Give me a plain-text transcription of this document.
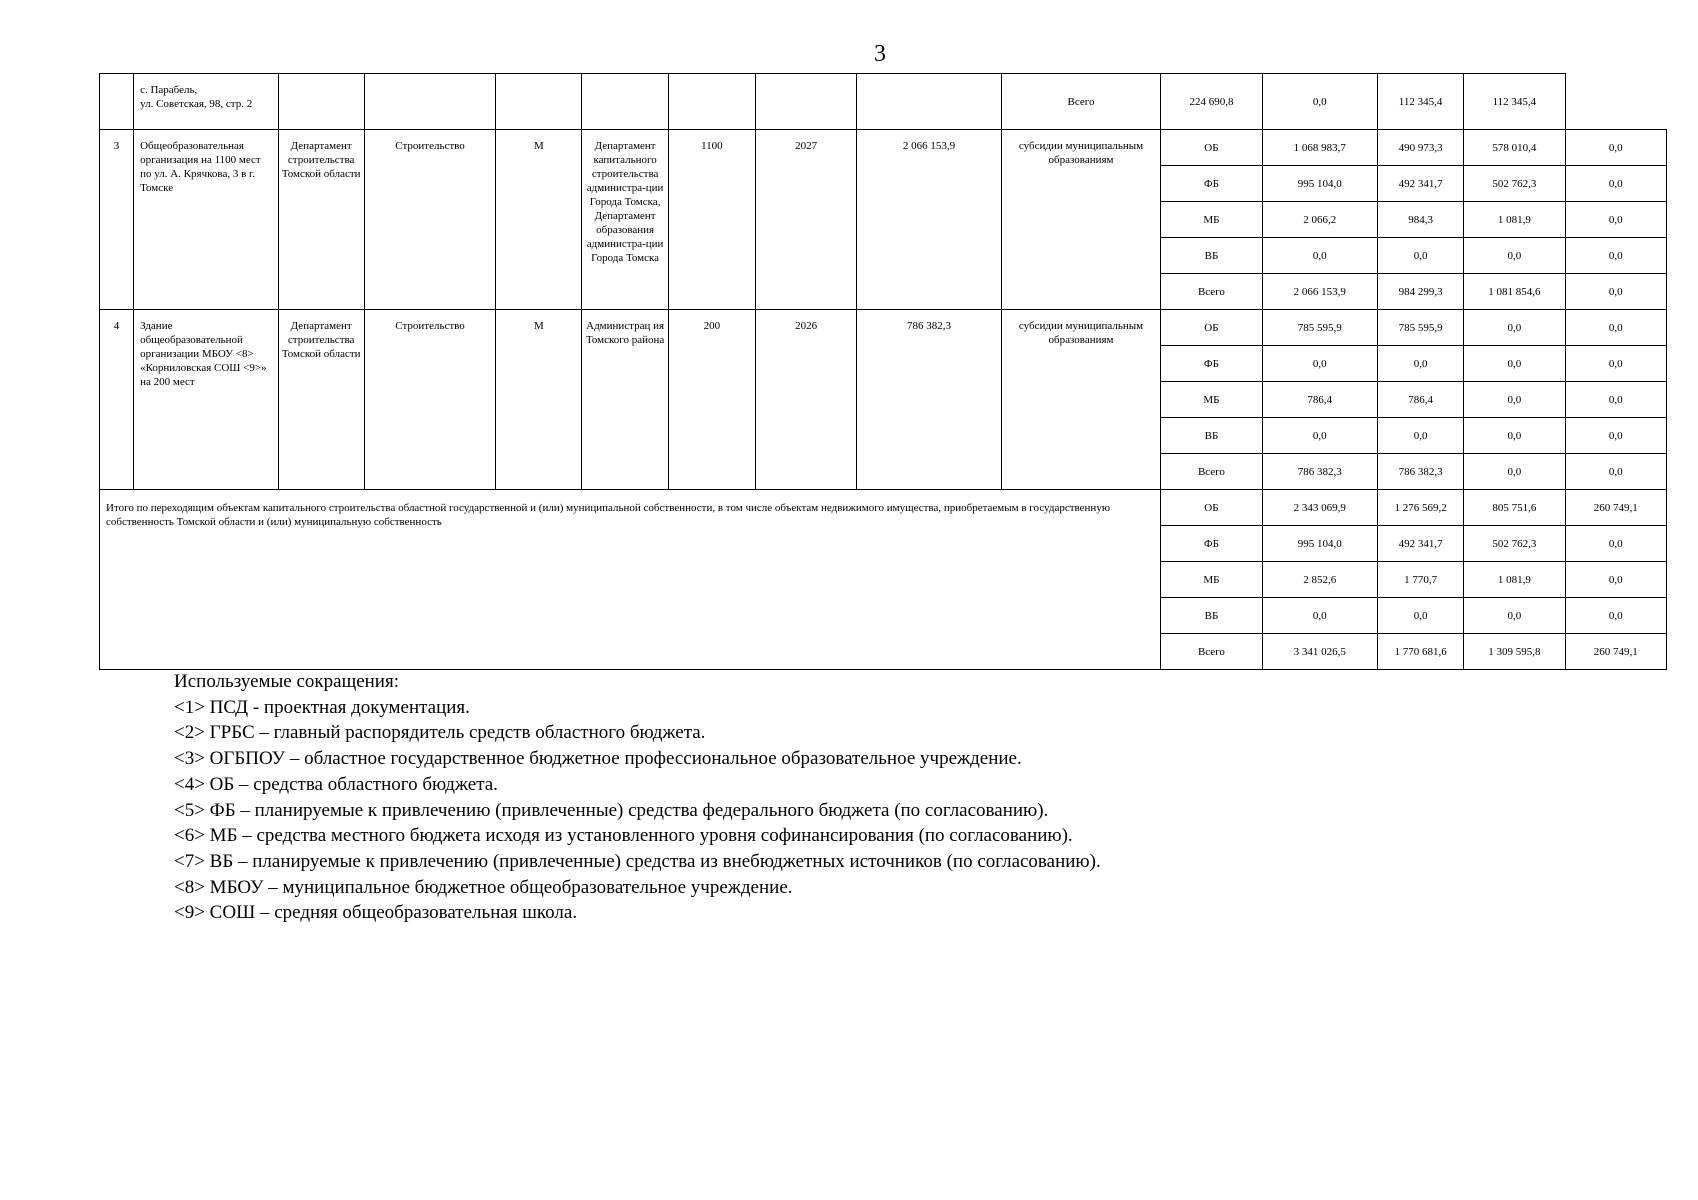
3
	с. Парабель,
ул. Советская, 98, стр. 2								Всего	224 690,8	0,0	112 345,4	112 345,4	
3	Общеобразовательная организация на 1100 мест по ул. А. Крячкова, 3 в г. Томске	Департамент строительства Томской области	Строительство	М	Департамент капитального строительства администра-ции Города Томска, Департамент образования администра-ции Города Томска	1100	2027	2 066 153,9	субсидии муниципальным образованиям	ОБ	1 068 983,7	490 973,3	578 010,4	0,0
										ФБ	995 104,0	492 341,7	502 762,3	0,0
										МБ	2 066,2	984,3	1 081,9	0,0
										ВБ	0,0	0,0	0,0	0,0
										Всего	2 066 153,9	984 299,3	1 081 854,6	0,0
4	Здание общеобразовательной организации МБОУ <8> «Корниловская СОШ <9>» на 200 мест	Департамент строительства Томской области	Строительство	М	Администрац ия Томского района	200	2026	786 382,3	субсидии муниципальным образованиям	ОБ	785 595,9	785 595,9	0,0	0,0
										ФБ	0,0	0,0	0,0	0,0
										МБ	786,4	786,4	0,0	0,0
										ВБ	0,0	0,0	0,0	0,0
										Всего	786 382,3	786 382,3	0,0	0,0
Итого по переходящим объектам капитального строительства областной государственной и (или) муниципальной собственности, в том числе объектам недвижимого имущества, приобретаемым в государственную собственность Томской области и (или) муниципальную собственность										ОБ	2 343 069,9	1 276 569,2	805 751,6	260 749,1
										ФБ	995 104,0	492 341,7	502 762,3	0,0
										МБ	2 852,6	1 770,7	1 081,9	0,0
										ВБ	0,0	0,0	0,0	0,0
										Всего	3 341 026,5	1 770 681,6	1 309 595,8	260 749,1
Используемые сокращения:
<1> ПСД - проектная документация.
<2> ГРБС – главный распорядитель средств областного бюджета.
<3> ОГБПОУ – областное государственное бюджетное профессиональное образовательное учреждение.
<4> ОБ – средства областного бюджета.
<5> ФБ – планируемые к привлечению (привлеченные) средства федерального бюджета (по согласованию).
<6> МБ – средства местного бюджета исходя из установленного уровня софинансирования (по согласованию).
<7> ВБ – планируемые к привлечению (привлеченные) средства из внебюджетных источников (по согласованию).
<8> МБОУ – муниципальное бюджетное общеобразовательное учреждение.
<9> СОШ – средняя общеобразовательная школа.
